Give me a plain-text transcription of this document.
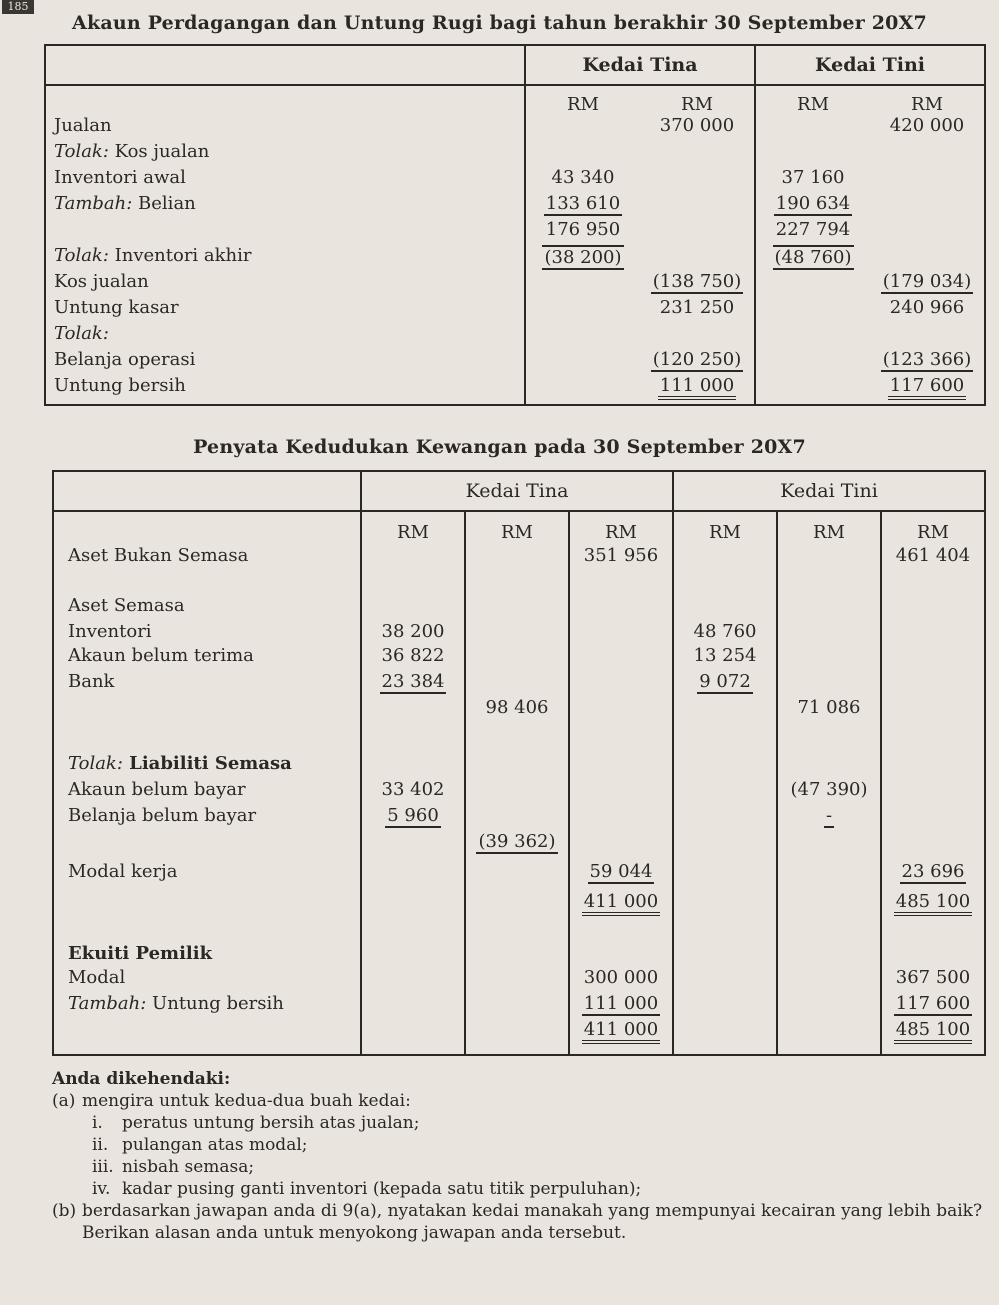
185
Akaun Perdagangan dan Untung Rugi bagi tahun berakhir 30 September 20X7
	Kedai Tina		Kedai Tini	
	RM	RM	RM	RM
Jualan		370 000		420 000
Tolak: Kos jualan				
Inventori awal	43 340		37 160	
Tambah: Belian	133 610		190 634	
	176 950		227 794	
Tolak: Inventori akhir	(38 200)		(48 760)	
Kos jualan		(138 750)		(179 034)
Untung kasar		231 250		240 966
Tolak:				
Belanja operasi		(120 250)		(123 366)
Untung bersih		111 000		117 600
Penyata Kedudukan Kewangan pada 30 September 20X7
	Kedai Tina			Kedai Tini		
	RM	RM	RM	RM	RM	RM
Aset Bukan Semasa			351 956			461 404

Aset Semasa						
Inventori	38 200			48 760		
Akaun belum terima	36 822			13 254		
Bank	23 384			9 072		
		98 406			71 086	

Tolak: Liabiliti Semasa						
Akaun belum bayar	33 402				(47 390)	
Belanja belum bayar	5 960				-	
		(39 362)				
Modal kerja			59 044			23 696
			411 000			485 100

Ekuiti Pemilik						
Modal			300 000			367 500
Tambah: Untung bersih			111 000			117 600
			411 000			485 100
Anda dikehendaki:
(a) mengira untuk kedua-dua buah kedai:
i. peratus untung bersih atas jualan;
ii. pulangan atas modal;
iii. nisbah semasa;
iv. kadar pusing ganti inventori (kepada satu titik perpuluhan);
(b) berdasarkan jawapan anda di 9(a), nyatakan kedai manakah yang mempunyai kecairan yang lebih baik? Berikan alasan anda untuk menyokong jawapan anda tersebut.
